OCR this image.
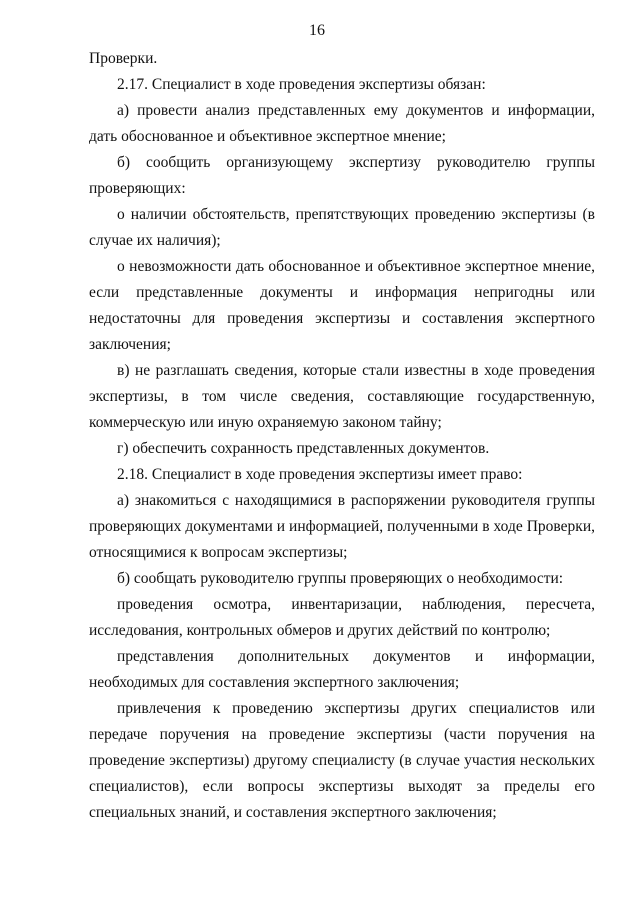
16

Проверки.

2.17. Специалист в ходе проведения экспертизы обязан:

а) провести анализ представленных ему документов и информации, дать обоснованное и объективное экспертное мнение;

б) сообщить организующему экспертизу руководителю группы проверяющих:

о наличии обстоятельств, препятствующих проведению экспертизы (в случае их наличия);

о невозможности дать обоснованное и объективное экспертное мнение, если представленные документы и информация непригодны или недостаточны для проведения экспертизы и составления экспертного заключения;

в) не разглашать сведения, которые стали известны в ходе проведения экспертизы, в том числе сведения, составляющие государственную, коммерческую или иную охраняемую законом тайну;

г) обеспечить сохранность представленных документов.

2.18. Специалист в ходе проведения экспертизы имеет право:

а) знакомиться с находящимися в распоряжении руководителя группы проверяющих документами и информацией, полученными в ходе Проверки, относящимися к вопросам экспертизы;

б) сообщать руководителю группы проверяющих о необходимости:

проведения осмотра, инвентаризации, наблюдения, пересчета, исследования, контрольных обмеров и других действий по контролю;

представления дополнительных документов и информации, необходимых для составления экспертного заключения;

привлечения к проведению экспертизы других специалистов или передаче поручения на проведение экспертизы (части поручения на проведение экспертизы) другому специалисту (в случае участия нескольких специалистов), если вопросы экспертизы выходят за пределы его специальных знаний, и составления экспертного заключения;
